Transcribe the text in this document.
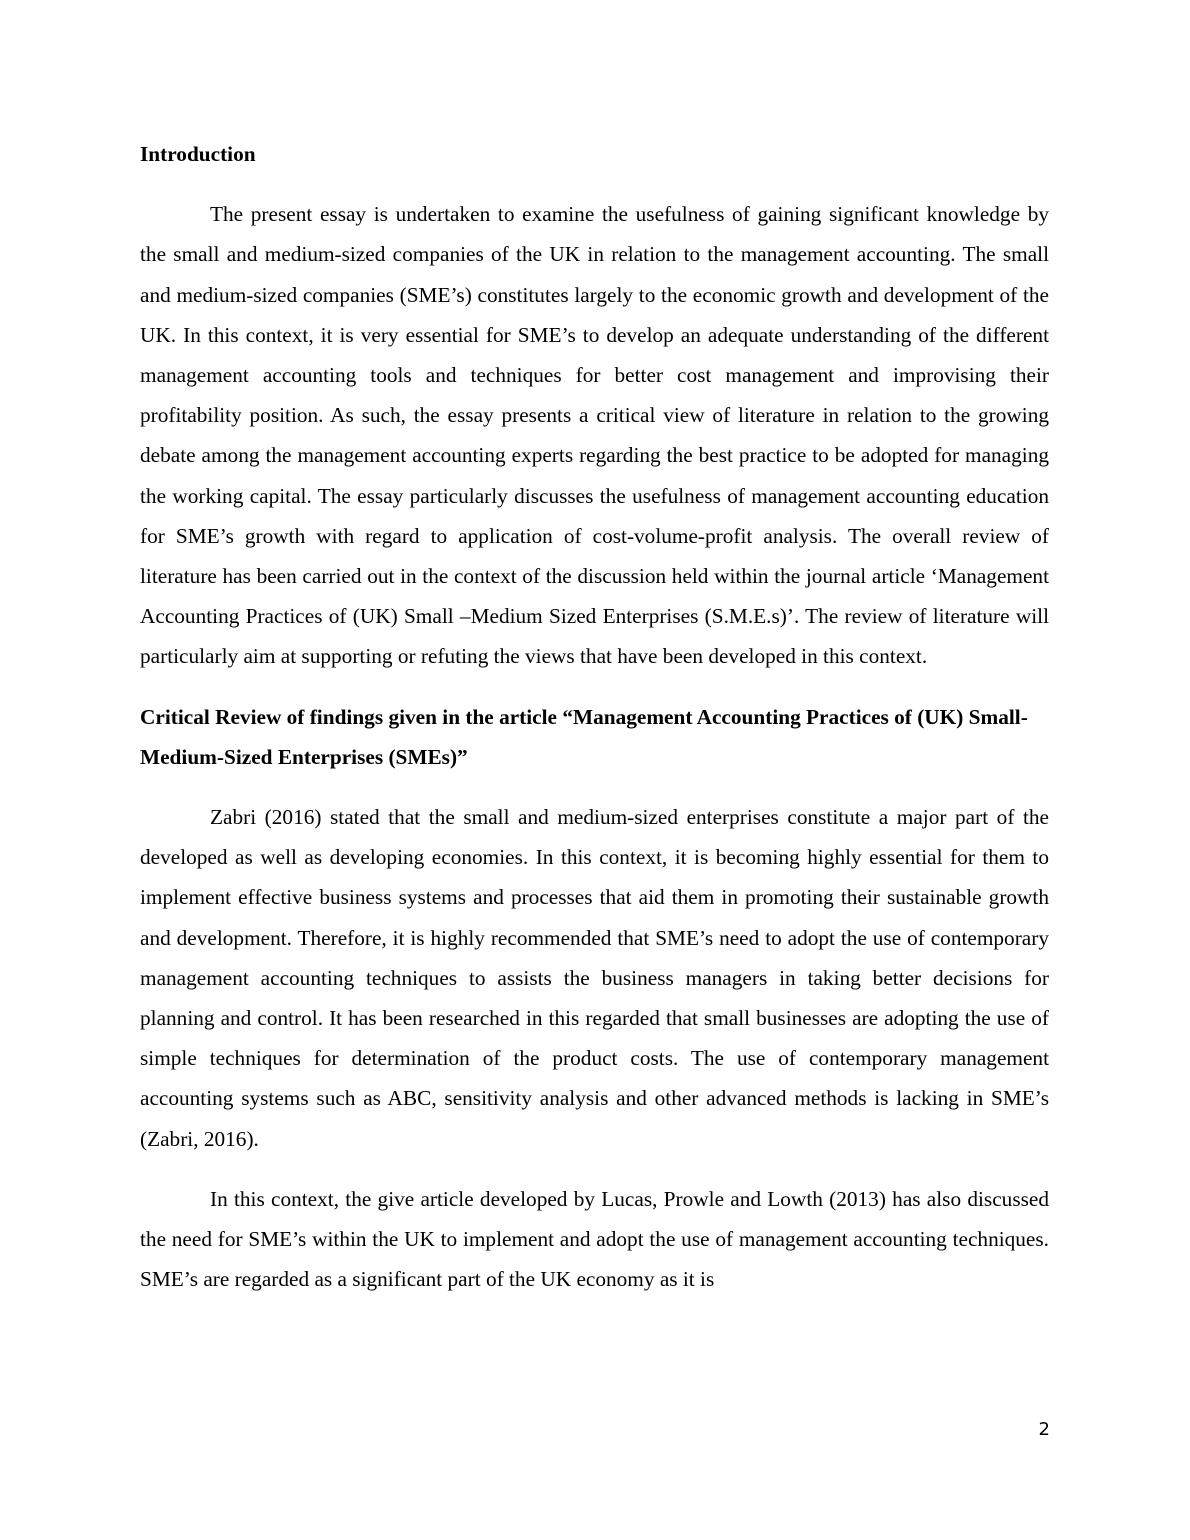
Introduction

The present essay is undertaken to examine the usefulness of gaining significant knowledge by the small and medium-sized companies of the UK in relation to the management accounting. The small and medium-sized companies (SME’s) constitutes largely to the economic growth and development of the UK. In this context, it is very essential for SME’s to develop an adequate understanding of the different management accounting tools and techniques for better cost management and improvising their profitability position. As such, the essay presents a critical view of literature in relation to the growing debate among the management accounting experts regarding the best practice to be adopted for managing the working capital. The essay particularly discusses the usefulness of management accounting education for SME’s growth with regard to application of cost-volume-profit analysis. The overall review of literature has been carried out in the context of the discussion held within the journal article ‘Management Accounting Practices of (UK) Small –Medium Sized Enterprises (S.M.E.s)’. The review of literature will particularly aim at supporting or refuting the views that have been developed in this context.

Critical Review of findings given in the article “Management Accounting Practices of (UK) Small-Medium-Sized Enterprises (SMEs)”

Zabri (2016) stated that the small and medium-sized enterprises constitute a major part of the developed as well as developing economies. In this context, it is becoming highly essential for them to implement effective business systems and processes that aid them in promoting their sustainable growth and development. Therefore, it is highly recommended that SME’s need to adopt the use of contemporary management accounting techniques to assists the business managers in taking better decisions for planning and control. It has been researched in this regarded that small businesses are adopting the use of simple techniques for determination of the product costs. The use of contemporary management accounting systems such as ABC, sensitivity analysis and other advanced methods is lacking in SME’s (Zabri, 2016).

In this context, the give article developed by Lucas, Prowle and Lowth (2013) has also discussed the need for SME’s within the UK to implement and adopt the use of management accounting techniques. SME’s are regarded as a significant part of the UK economy as it is

2
